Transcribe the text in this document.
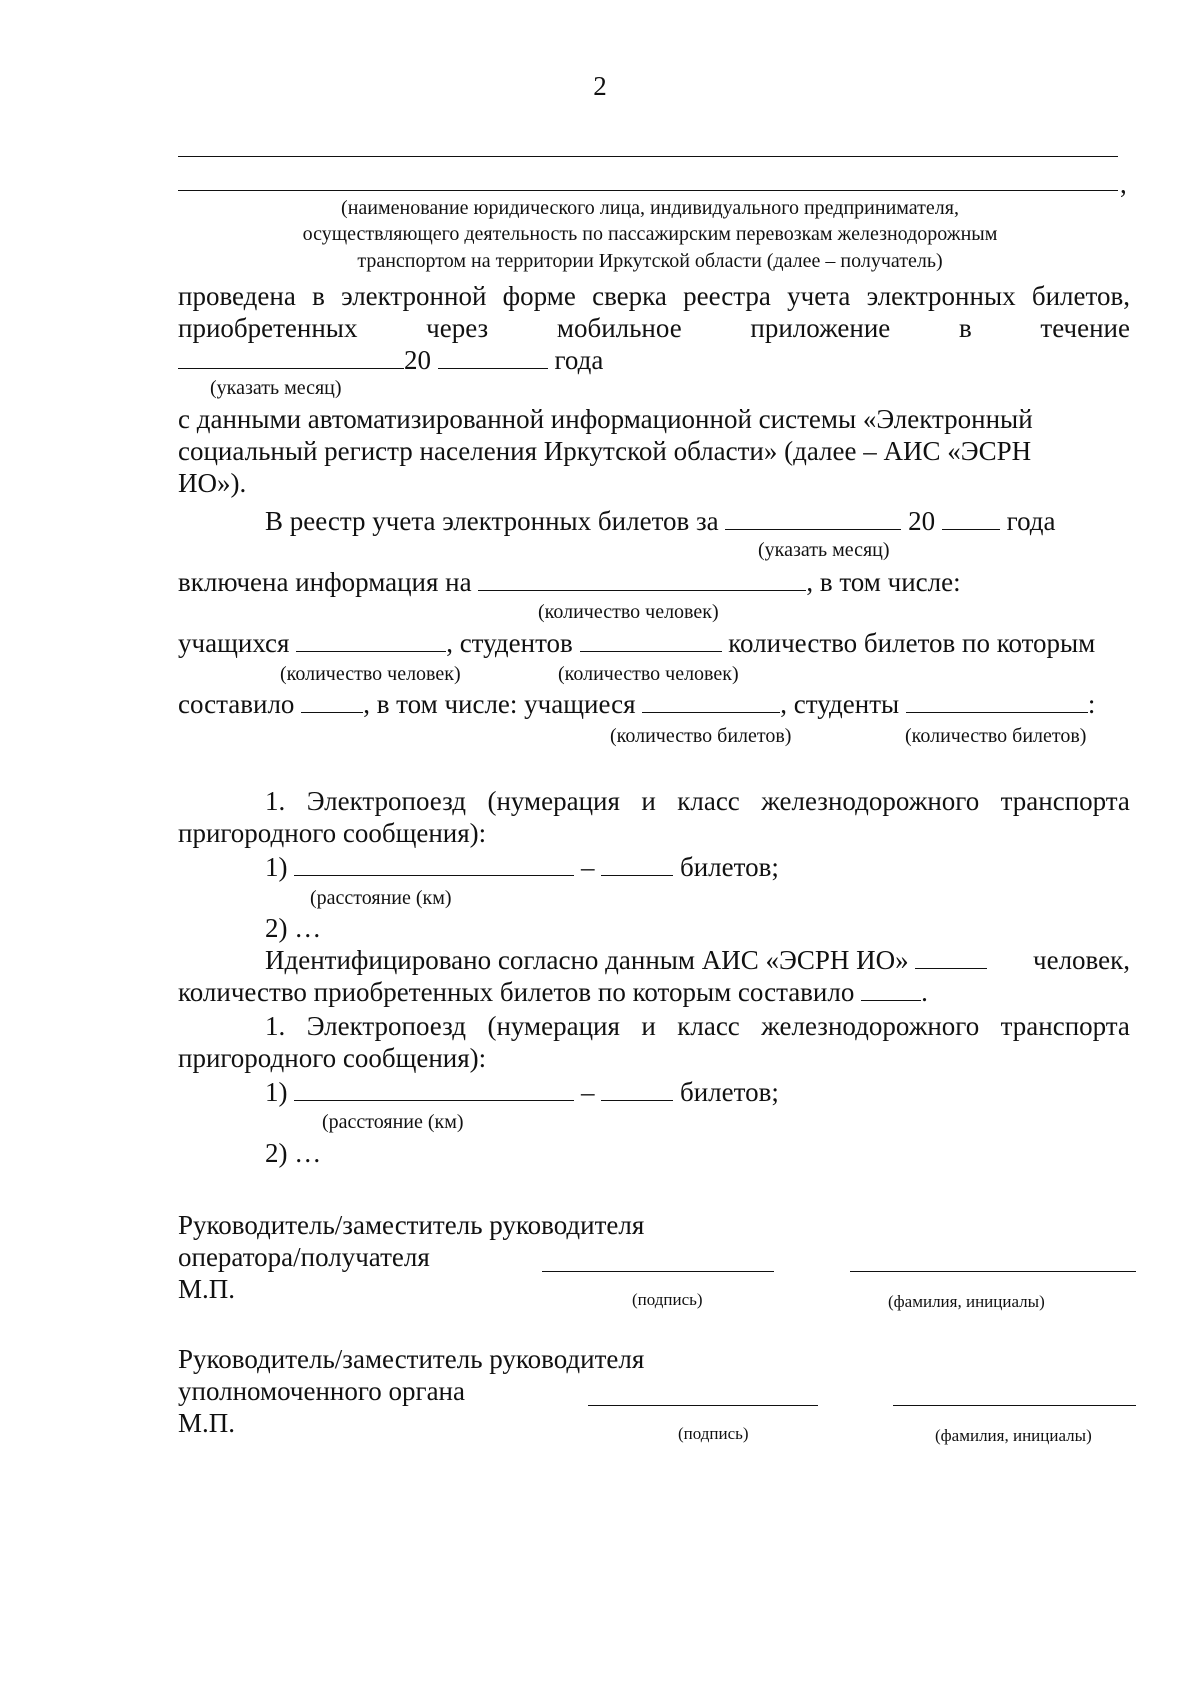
2
,
(наименование юридического лица, индивидуального предпринимателя,
осуществляющего деятельность по пассажирским перевозкам железнодорожным
транспортом на территории Иркутской области (далее – получатель)
проведена в электронной форме сверка реестра учета электронных билетов,
приобретенных	через	мобильное	приложение	в	течение
20	года
(указать месяц)
с данными автоматизированной информационной системы «Электронный
социальный регистр населения Иркутской области» (далее – АИС «ЭСРН
ИО»).
В реестр учета электронных билетов за	20	года
(указать месяц)
включена информация на	, в том числе:
(количество человек)
учащихся	, студентов	количество билетов по которым
(количество человек)	(количество человек)
составило	, в том числе: учащиеся	, студенты	:
(количество билетов)	(количество билетов)
1. Электропоезд (нумерация и класс железнодорожного транспорта
пригородного сообщения):
1)	–	билетов;
(расстояние (км)
2) …
Идентифицировано согласно данным АИС «ЭСРН ИО»	человек,
количество приобретенных билетов по которым составило .
1. Электропоезд (нумерация и класс железнодорожного транспорта
пригородного сообщения):
1)	–	билетов;
(расстояние (км)
2) …
Руководитель/заместитель руководителя
оператора/получателя
М.П.	(подпись)	(фамилия, инициалы)
Руководитель/заместитель руководителя
уполномоченного органа
М.П.	(подпись)	(фамилия, инициалы)
